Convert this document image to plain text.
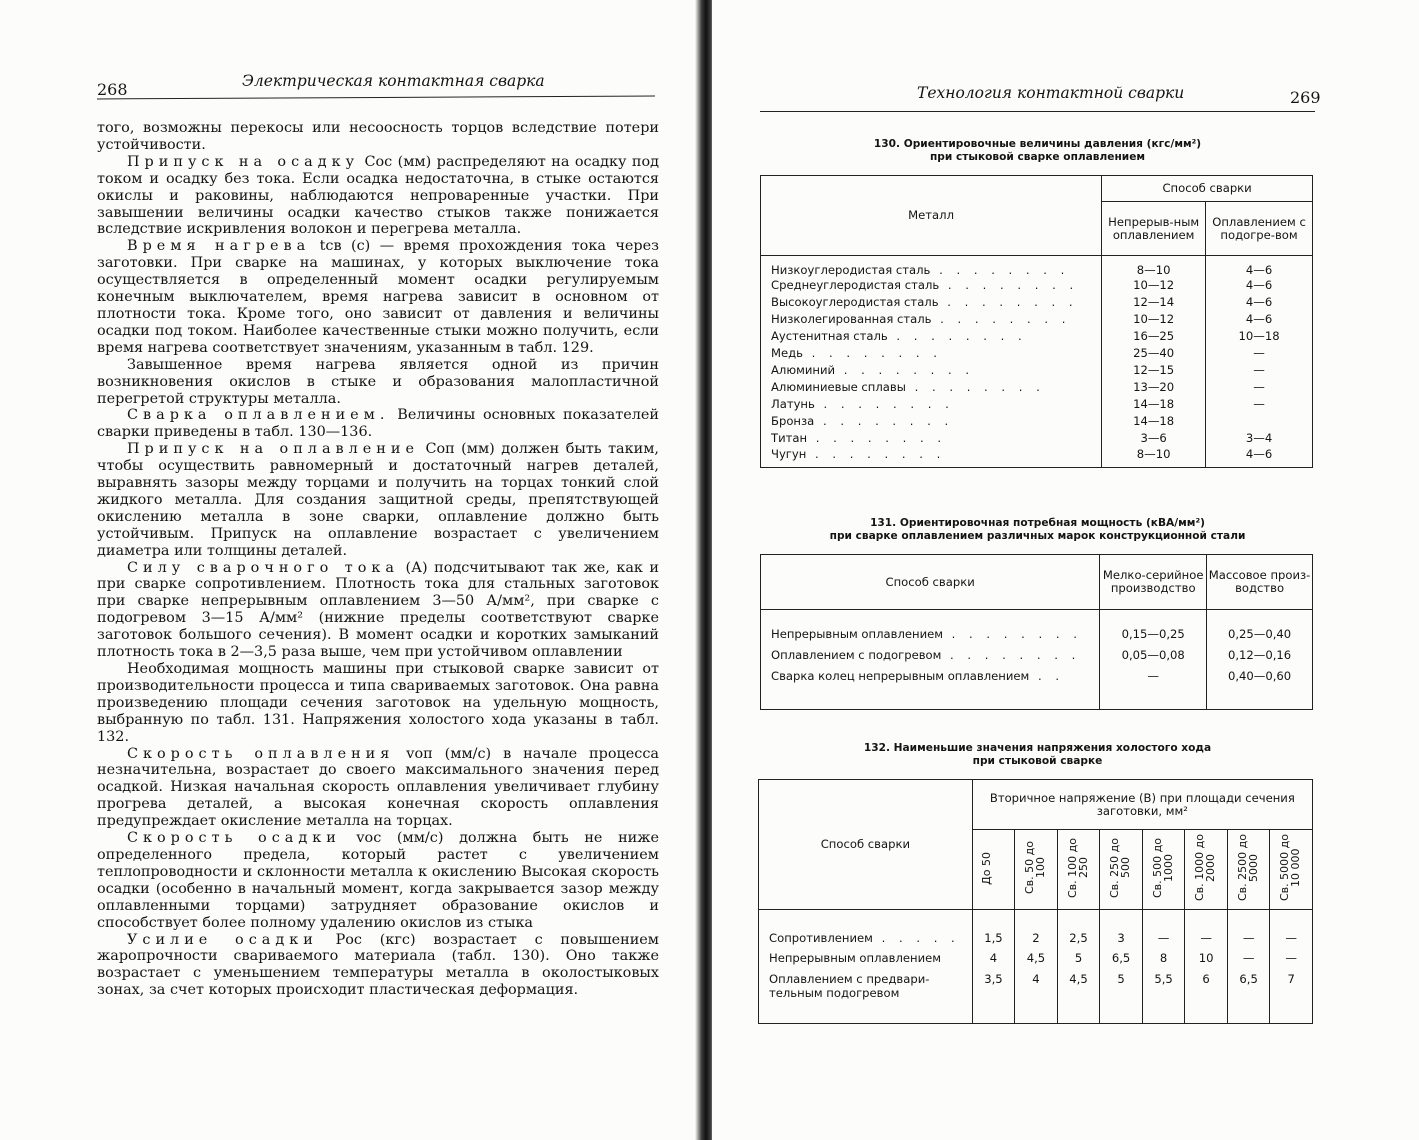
268	Электрическая контактная сварка

того, возможны перекосы или несоосность торцов вследствие потери устойчивости.

Припуск на осадку Cос (мм) распределяют на осадку под током и осадку без тока. Если осадка недостаточна, в стыке остаются окислы и раковины, наблюдаются непроваренные участки. При завышении величины осадки качество стыков также понижается вследствие искривления волокон и перегрева металла.

Время нагрева tсв (с) — время прохождения тока через заготовки. При сварке на машинах, у которых выключение тока осуществляется в определенный момент осадки регулируемым конечным выключателем, время нагрева зависит в основном от плотности тока. Кроме того, оно зависит от давления и величины осадки под током. Наиболее качественные стыки можно получить, если время нагрева соответствует значениям, указанным в табл. 129.

Завышенное время нагрева является одной из причин возникновения окислов в стыке и образования малопластичной перегретой структуры металла.

Сварка оплавлением. Величины основных показателей сварки приведены в табл. 130—136.

Припуск на оплавление Cоп (мм) должен быть таким, чтобы осуществить равномерный и достаточный нагрев деталей, выравнять зазоры между торцами и получить на торцах тонкий слой жидкого металла. Для создания защитной среды, препятствующей окислению металла в зоне сварки, оплавление должно быть устойчивым. Припуск на оплавление возрастает с увеличением диаметра или толщины деталей.

Силу сварочного тока (А) подсчитывают так же, как и при сварке сопротивлением. Плотность тока для стальных заготовок при сварке непрерывным оплавлением 3—50 А/мм², при сварке с подогревом 3—15 А/мм² (нижние пределы соответствуют сварке заготовок большого сечения). В момент осадки и коротких замыканий плотность тока в 2—3,5 раза выше, чем при устойчивом оплавлении

Необходимая мощность машины при стыковой сварке зависит от производительности процесса и типа свариваемых заготовок. Она равна произведению площади сечения заготовок на удельную мощность, выбранную по табл. 131. Напряжения холостого хода указаны в табл. 132.

Скорость оплавления vоп (мм/с) в начале процесса незначительна, возрастает до своего максимального значения перед осадкой. Низкая начальная скорость оплавления увеличивает глубину прогрева деталей, а высокая конечная скорость оплавления предупреждает окисление металла на торцах.

Скорость осадки vос (мм/с) должна быть не ниже определенного предела, который растет с увеличением теплопроводности и склонности металла к окислению Высокая скорость осадки (особенно в начальный момент, когда закрывается зазор между оплавленными торцами) затрудняет образование окислов и способствует более полному удалению окислов из стыка

Усилие осадки Pос (кгс) возрастает с повышением жаропрочности свариваемого материала (табл. 130). Оно также возрастает с уменьшением температуры металла в околостыковых зонах, за счет которых происходит пластическая деформация.

Технология контактной сварки	269
130. Ориентировочные величины давления (кгс/мм²)
при стыковой сварке оплавлением
Металл	Способ сварки	
	Непрерыв-ным оплавлением	Оплавлением с подогре-вом
Низкоуглеродистая сталь . . . . . . . .	8—10	4—6
Среднеуглеродистая сталь . . . . . . . .	10—12	4—6
Высокоуглеродистая сталь . . . . . . . .	12—14	4—6
Низколегированная сталь . . . . . . . .	10—12	4—6
Аустенитная сталь . . . . . . . .	16—25	10—18
Медь . . . . . . . .	25—40	—
Алюминий . . . . . . . .	12—15	—
Алюминиевые сплавы . . . . . . . .	13—20	—
Латунь . . . . . . . .	14—18	—
Бронза . . . . . . . .	14—18	
Титан . . . . . . . .	3—6	3—4
Чугун . . . . . . . .	8—10	4—6
131. Ориентировочная потребная мощность (кВА/мм²)
при сварке оплавлением различных марок конструкционной стали
Способ сварки	Мелко-серийное производство	Массовое произ-водство
Непрерывным оплавлением . . . . . . . .	0,15—0,25	0,25—0,40
Оплавлением с подогревом . . . . . . . .	0,05—0,08	0,12—0,16
Сварка колец непрерывным оплавлением . .	—	0,40—0,60
132. Наименьшие значения напряжения холостого хода
при стыковой сварке
Способ сварки	Вторичное напряжение (В) при площади сечения заготовки, мм²							
	До 50	Св. 50 до 100	Св. 100 до 250	Св. 250 до 500	Св. 500 до 1000	Св. 1000 до 2000	Св. 2500 до 5000	Св. 5000 до 10 000
Сопротивлением . . . . .	1,5	2	2,5	3	—	—	—	—
Непрерывным оплавлением	4	4,5	5	6,5	8	10	—	—
Оплавлением с предвари-тельным подогревом	3,5	4	4,5	5	5,5	6	6,5	7
